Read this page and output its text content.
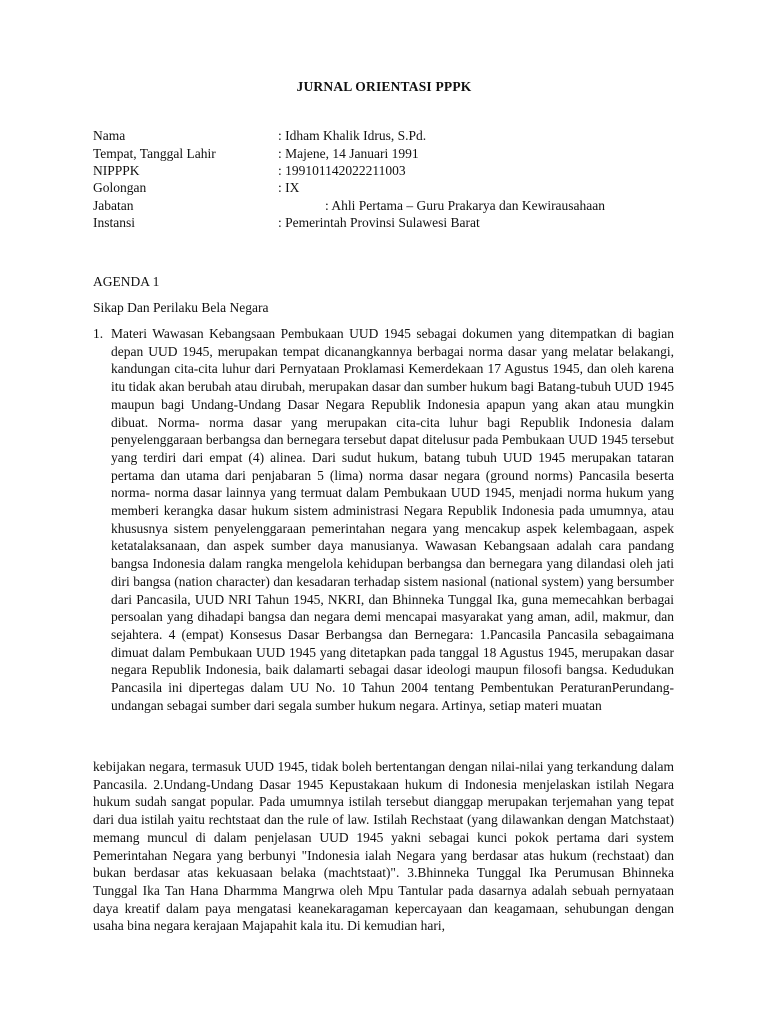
JURNAL ORIENTASI PPPK
Nama	: Idham Khalik Idrus, S.Pd.
Tempat, Tanggal Lahir	: Majene, 14 Januari 1991
NIPPPK	: 199101142022211003
Golongan	: IX
Jabatan	: Ahli Pertama – Guru Prakarya dan Kewirausahaan
Instansi	: Pemerintah Provinsi Sulawesi Barat
AGENDA 1
Sikap Dan Perilaku Bela Negara
1. Materi Wawasan Kebangsaan Pembukaan UUD 1945 sebagai dokumen yang ditempatkan di bagian depan UUD 1945, merupakan tempat dicanangkannya berbagai norma dasar yang melatar belakangi, kandungan cita-cita luhur dari Pernyataan Proklamasi Kemerdekaan 17 Agustus 1945, dan oleh karena itu tidak akan berubah atau dirubah, merupakan dasar dan sumber hukum bagi Batang-tubuh UUD 1945 maupun bagi Undang-Undang Dasar Negara Republik Indonesia apapun yang akan atau mungkin dibuat. Norma- norma dasar yang merupakan cita-cita luhur bagi Republik Indonesia dalam penyelenggaraan berbangsa dan bernegara tersebut dapat ditelusur pada Pembukaan UUD 1945 tersebut yang terdiri dari empat (4) alinea. Dari sudut hukum, batang tubuh UUD 1945 merupakan tataran pertama dan utama dari penjabaran 5 (lima) norma dasar negara (ground norms) Pancasila beserta norma- norma dasar lainnya yang termuat dalam Pembukaan UUD 1945, menjadi norma hukum yang memberi kerangka dasar hukum sistem administrasi Negara Republik Indonesia pada umumnya, atau khususnya sistem penyelenggaraan pemerintahan negara yang mencakup aspek kelembagaan, aspek ketatalaksanaan, dan aspek sumber daya manusianya. Wawasan Kebangsaan adalah cara pandang bangsa Indonesia dalam rangka mengelola kehidupan berbangsa dan bernegara yang dilandasi oleh jati diri bangsa (nation character) dan kesadaran terhadap sistem nasional (national system) yang bersumber dari Pancasila, UUD NRI Tahun 1945, NKRI, dan Bhinneka Tunggal Ika, guna memecahkan berbagai persoalan yang dihadapi bangsa dan negara demi mencapai masyarakat yang aman, adil, makmur, dan sejahtera. 4 (empat) Konsesus Dasar Berbangsa dan Bernegara: 1.Pancasila Pancasila sebagaimana dimuat dalam Pembukaan UUD 1945 yang ditetapkan pada tanggal 18 Agustus 1945, merupakan dasar negara Republik Indonesia, baik dalamarti sebagai dasar ideologi maupun filosofi bangsa. Kedudukan Pancasila ini dipertegas dalam UU No. 10 Tahun 2004 tentang Pembentukan PeraturanPerundang-undangan sebagai sumber dari segala sumber hukum negara. Artinya, setiap materi muatan

kebijakan negara, termasuk UUD 1945, tidak boleh bertentangan dengan nilai-nilai yang terkandung dalam Pancasila. 2.Undang-Undang Dasar 1945 Kepustakaan hukum di Indonesia menjelaskan istilah Negara hukum sudah sangat popular. Pada umumnya istilah tersebut dianggap merupakan terjemahan yang tepat dari dua istilah yaitu rechtstaat dan the rule of law. Istilah Rechstaat (yang dilawankan dengan Matchstaat) memang muncul di dalam penjelasan UUD 1945 yakni sebagai kunci pokok pertama dari system Pemerintahan Negara yang berbunyi "Indonesia ialah Negara yang berdasar atas hukum (rechstaat) dan bukan berdasar atas kekuasaan belaka (machtstaat)". 3.Bhinneka Tunggal Ika Perumusan Bhinneka Tunggal Ika Tan Hana Dharmma Mangrwa oleh Mpu Tantular pada dasarnya adalah sebuah pernyataan daya kreatif dalam paya mengatasi keanekaragaman kepercayaan dan keagamaan, sehubungan dengan usaha bina negara kerajaan Majapahit kala itu. Di kemudian hari,
